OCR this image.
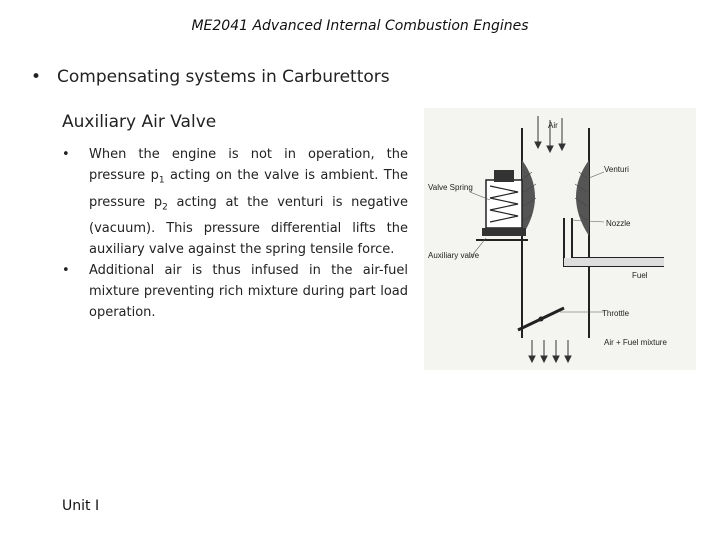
ME2041 Advanced Internal Combustion Engines
• Compensating systems in Carburettors
Auxiliary Air Valve
• When the engine is not in operation, the pressure $p_1$ acting on the valve is ambient. The pressure $p_2$ acting at the venturi is negative (vacuum). This pressure differential lifts the auxiliary valve against the spring tensile force.
• Additional air is thus infused in the air-fuel mixture preventing rich mixture during part load operation.
Air
Venturi
Valve Spring
Nozzle
Auxiliary valve
Fuel
Throttle
Air + Fuel mixture
Unit I
